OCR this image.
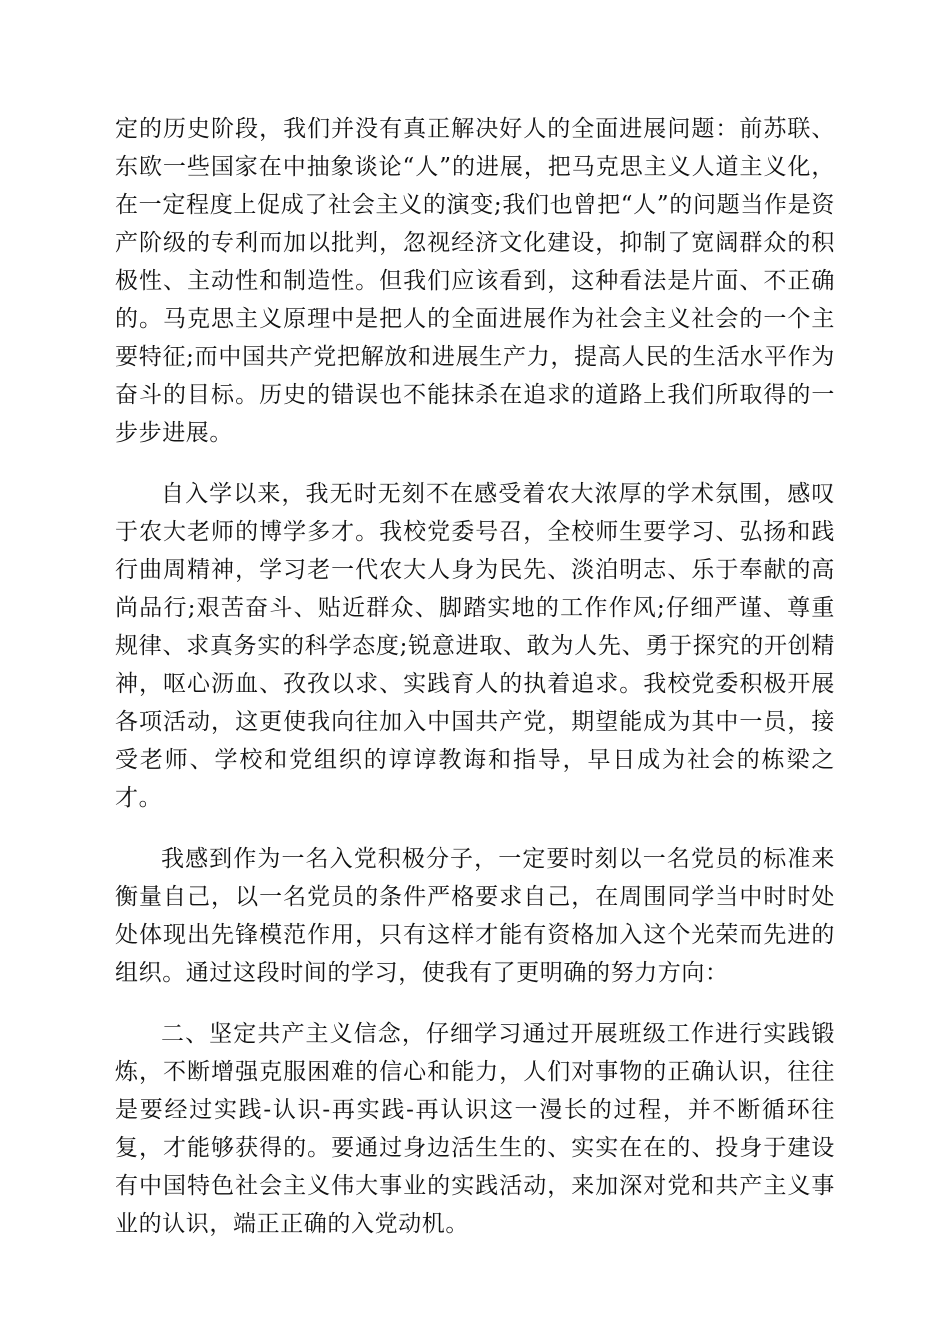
定的历史阶段，我们并没有真正解决好人的全面进展问题：前苏联、东欧一些国家在中抽象谈论“人”的进展，把马克思主义人道主义化，在一定程度上促成了社会主义的演变;我们也曾把“人”的问题当作是资产阶级的专利而加以批判，忽视经济文化建设，抑制了宽阔群众的积极性、主动性和制造性。但我们应该看到，这种看法是片面、不正确的。马克思主义原理中是把人的全面进展作为社会主义社会的一个主要特征;而中国共产党把解放和进展生产力，提高人民的生活水平作为奋斗的目标。历史的错误也不能抹杀在追求的道路上我们所取得的一步步进展。

自入学以来，我无时无刻不在感受着农大浓厚的学术氛围，感叹于农大老师的博学多才。我校党委号召，全校师生要学习、弘扬和践行曲周精神，学习老一代农大人身为民先、淡泊明志、乐于奉献的高尚品行;艰苦奋斗、贴近群众、脚踏实地的工作作风;仔细严谨、尊重规律、求真务实的科学态度;锐意进取、敢为人先、勇于探究的开创精神，呕心沥血、孜孜以求、实践育人的执着追求。我校党委积极开展各项活动，这更使我向往加入中国共产党，期望能成为其中一员，接受老师、学校和党组织的谆谆教诲和指导，早日成为社会的栋梁之才。

我感到作为一名入党积极分子，一定要时刻以一名党员的标准来衡量自己，以一名党员的条件严格要求自己，在周围同学当中时时处处体现出先锋模范作用，只有这样才能有资格加入这个光荣而先进的组织。通过这段时间的学习，使我有了更明确的努力方向：

二、坚定共产主义信念，仔细学习通过开展班级工作进行实践锻炼，不断增强克服困难的信心和能力，人们对事物的正确认识，往往是要经过实践-认识-再实践-再认识这一漫长的过程，并不断循环往复，才能够获得的。要通过身边活生生的、实实在在的、投身于建设有中国特色社会主义伟大事业的实践活动，来加深对党和共产主义事业的认识，端正正确的入党动机。
